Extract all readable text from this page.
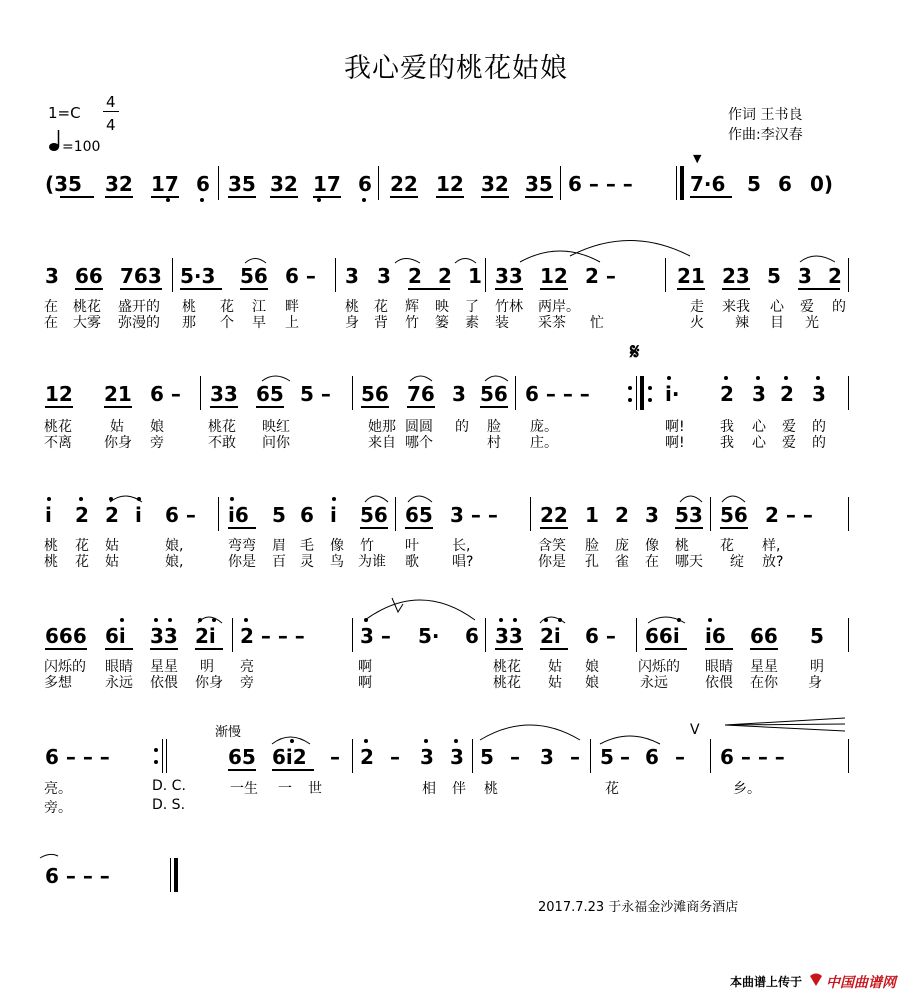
我心爱的桃花姑娘
1=C
4
4
=100
作词 王书良
作曲:李汉春
(35 32 17 6 35 32 17 6 22 12 32 35 6 – – –	7·6 5 6 0)
▼
3 66 763 5·3 56 6 – 3 3 2 2 1 33 12 2 –	21 23 5 3 2
在 桃花 盛开的 桃 花 江 畔	桃 花 辉 映 了 竹林 两岸。	走 来我 心 爱 的
在 大雾 弥漫的 那 个 早 上	身 背 竹 篓 素 装 采茶 忙	火 辣 目 光
𝄋
12 21 6 – 33 65 5 – 56 76 3 56 6 – – –	i· 2 3 2 3
桃花	姑 娘	桃花 映红	她那 圆圆 的 脸 庞。	啊!	我 心 爱 的
不离 你身 旁	不敢 问你	来自 哪个	村 庄。	啊!	我 心 爱 的
i 2 2 i 6 – i6 5 6 i 56 65 3 – – 22 1 2 3 53 56 2 – –
桃 花 姑	娘,	弯弯 眉 毛 像 竹 叶 长,	含笑 脸 庞 像 桃 花 样,
桃 花 姑	娘,	你是 百 灵 鸟 为谁 歌 唱?	你是 孔 雀 在 哪天 绽 放?
666 6i 33 2i 2 – – –	3 – 5· 6 33 2i 6 – 66i i6 66 5
闪烁的 眼睛 星星 明 亮	啊	桃花 姑 娘	闪烁的 眼睛 星星 明
多想 永远 依偎 你身 旁	啊	桃花 姑 娘	永远	依偎 在你 身
渐慢
6 – – –	65 6i2 – 2 – 3 3 5 – 3 – 5 – 6 – 6 – – –
V
亮。	D. C.	一生 一 世	相 伴 桃	花	乡。
旁。	D. S.
6 – – –
2017.7.23 于永福金沙滩商务酒店
本曲谱上传于 中国曲谱网
